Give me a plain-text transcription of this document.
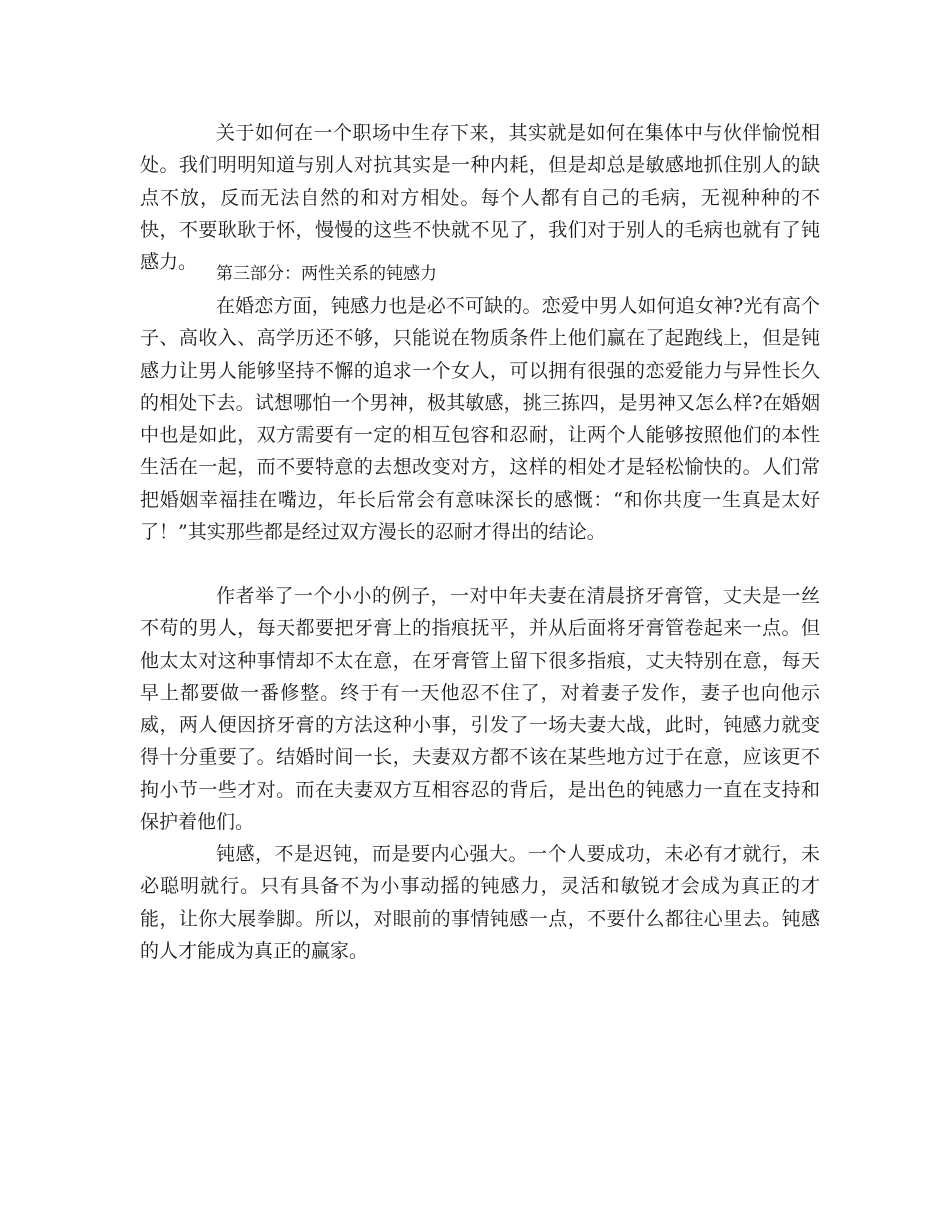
关于如何在一个职场中生存下来，其实就是如何在集体中与伙伴愉悦相处。我们明明知道与别人对抗其实是一种内耗，但是却总是敏感地抓住别人的缺点不放，反而无法自然的和对方相处。每个人都有自己的毛病，无视种种的不快，不要耿耿于怀，慢慢的这些不快就不见了，我们对于别人的毛病也就有了钝感力。

第三部分：两性关系的钝感力

在婚恋方面，钝感力也是必不可缺的。恋爱中男人如何追女神?光有高个子、高收入、高学历还不够，只能说在物质条件上他们赢在了起跑线上，但是钝感力让男人能够坚持不懈的追求一个女人，可以拥有很强的恋爱能力与异性长久的相处下去。试想哪怕一个男神，极其敏感，挑三拣四，是男神又怎么样?在婚姻中也是如此，双方需要有一定的相互包容和忍耐，让两个人能够按照他们的本性生活在一起，而不要特意的去想改变对方，这样的相处才是轻松愉快的。人们常把婚姻幸福挂在嘴边，年长后常会有意味深长的感慨：“和你共度一生真是太好了！”其实那些都是经过双方漫长的忍耐才得出的结论。

作者举了一个小小的例子，一对中年夫妻在清晨挤牙膏管，丈夫是一丝不苟的男人，每天都要把牙膏上的指痕抚平，并从后面将牙膏管卷起来一点。但他太太对这种事情却不太在意，在牙膏管上留下很多指痕，丈夫特别在意，每天早上都要做一番修整。终于有一天他忍不住了，对着妻子发作，妻子也向他示威，两人便因挤牙膏的方法这种小事，引发了一场夫妻大战，此时，钝感力就变得十分重要了。结婚时间一长，夫妻双方都不该在某些地方过于在意，应该更不拘小节一些才对。而在夫妻双方互相容忍的背后，是出色的钝感力一直在支持和保护着他们。

钝感，不是迟钝，而是要内心强大。一个人要成功，未必有才就行，未必聪明就行。只有具备不为小事动摇的钝感力，灵活和敏锐才会成为真正的才能，让你大展拳脚。所以，对眼前的事情钝感一点，不要什么都往心里去。钝感的人才能成为真正的赢家。
